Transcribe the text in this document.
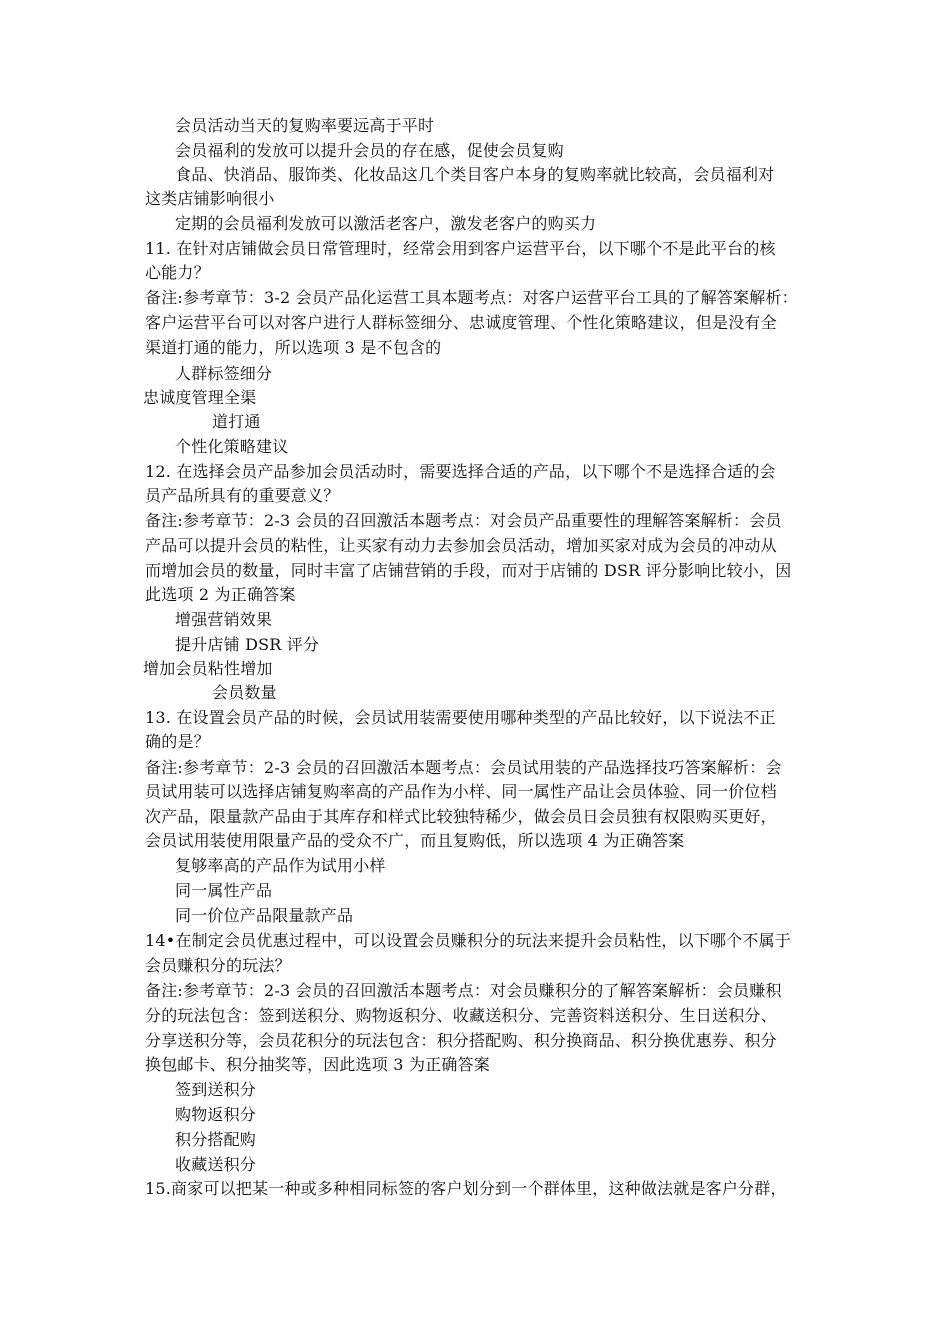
会员活动当天的复购率要远高于平时
会员福利的发放可以提升会员的存在感，促使会员复购
食品、快消品、服饰类、化妆品这几个类目客户本身的复购率就比较高，会员福利对
这类店铺影响很小
定期的会员福利发放可以激活老客户，激发老客户的购买力
11. 在针对店铺做会员日常管理时，经常会用到客户运营平台，以下哪个不是此平台的核
心能力？
备注:参考章节：3-2 会员产品化运营工具本题考点：对客户运营平台工具的了解答案解析：
客户运营平台可以对客户进行人群标签细分、忠诚度管理、个性化策略建议，但是没有全
渠道打通的能力，所以选项 3 是不包含的
人群标签细分
忠诚度管理全渠
道打通
个性化策略建议
12. 在选择会员产品参加会员活动时，需要选择合适的产品，以下哪个不是选择合适的会
员产品所具有的重要意义？
备注:参考章节：2-3 会员的召回激活本题考点：对会员产品重要性的理解答案解析：会员
产品可以提升会员的粘性，让买家有动力去参加会员活动，增加买家对成为会员的冲动从
而增加会员的数量，同时丰富了店铺营销的手段，而对于店铺的 DSR 评分影响比较小，因
此选项 2 为正确答案
增强营销效果
提升店铺 DSR 评分
增加会员粘性增加
会员数量
13. 在设置会员产品的时候，会员试用装需要使用哪种类型的产品比较好，以下说法不正
确的是？
备注:参考章节：2-3 会员的召回激活本题考点：会员试用装的产品选择技巧答案解析：会
员试用装可以选择店铺复购率高的产品作为小样、同一属性产品让会员体验、同一价位档
次产品，限量款产品由于其库存和样式比较独特稀少，做会员日会员独有权限购买更好，
会员试用装使用限量产品的受众不广，而且复购低，所以选项 4 为正确答案
复够率高的产品作为试用小样
同一属性产品
同一价位产品限量款产品
14•在制定会员优惠过程中，可以设置会员赚积分的玩法来提升会员粘性，以下哪个不属于
会员赚积分的玩法？
备注:参考章节：2-3 会员的召回激活本题考点：对会员赚积分的了解答案解析：会员赚积
分的玩法包含：签到送积分、购物返积分、收藏送积分、完善资料送积分、生日送积分、
分享送积分等，会员花积分的玩法包含：积分搭配购、积分换商品、积分换优惠券、积分
换包邮卡、积分抽奖等，因此选项 3 为正确答案
签到送积分
购物返积分
积分搭配购
收藏送积分
15.商家可以把某一种或多种相同标签的客户划分到一个群体里，这种做法就是客户分群，
